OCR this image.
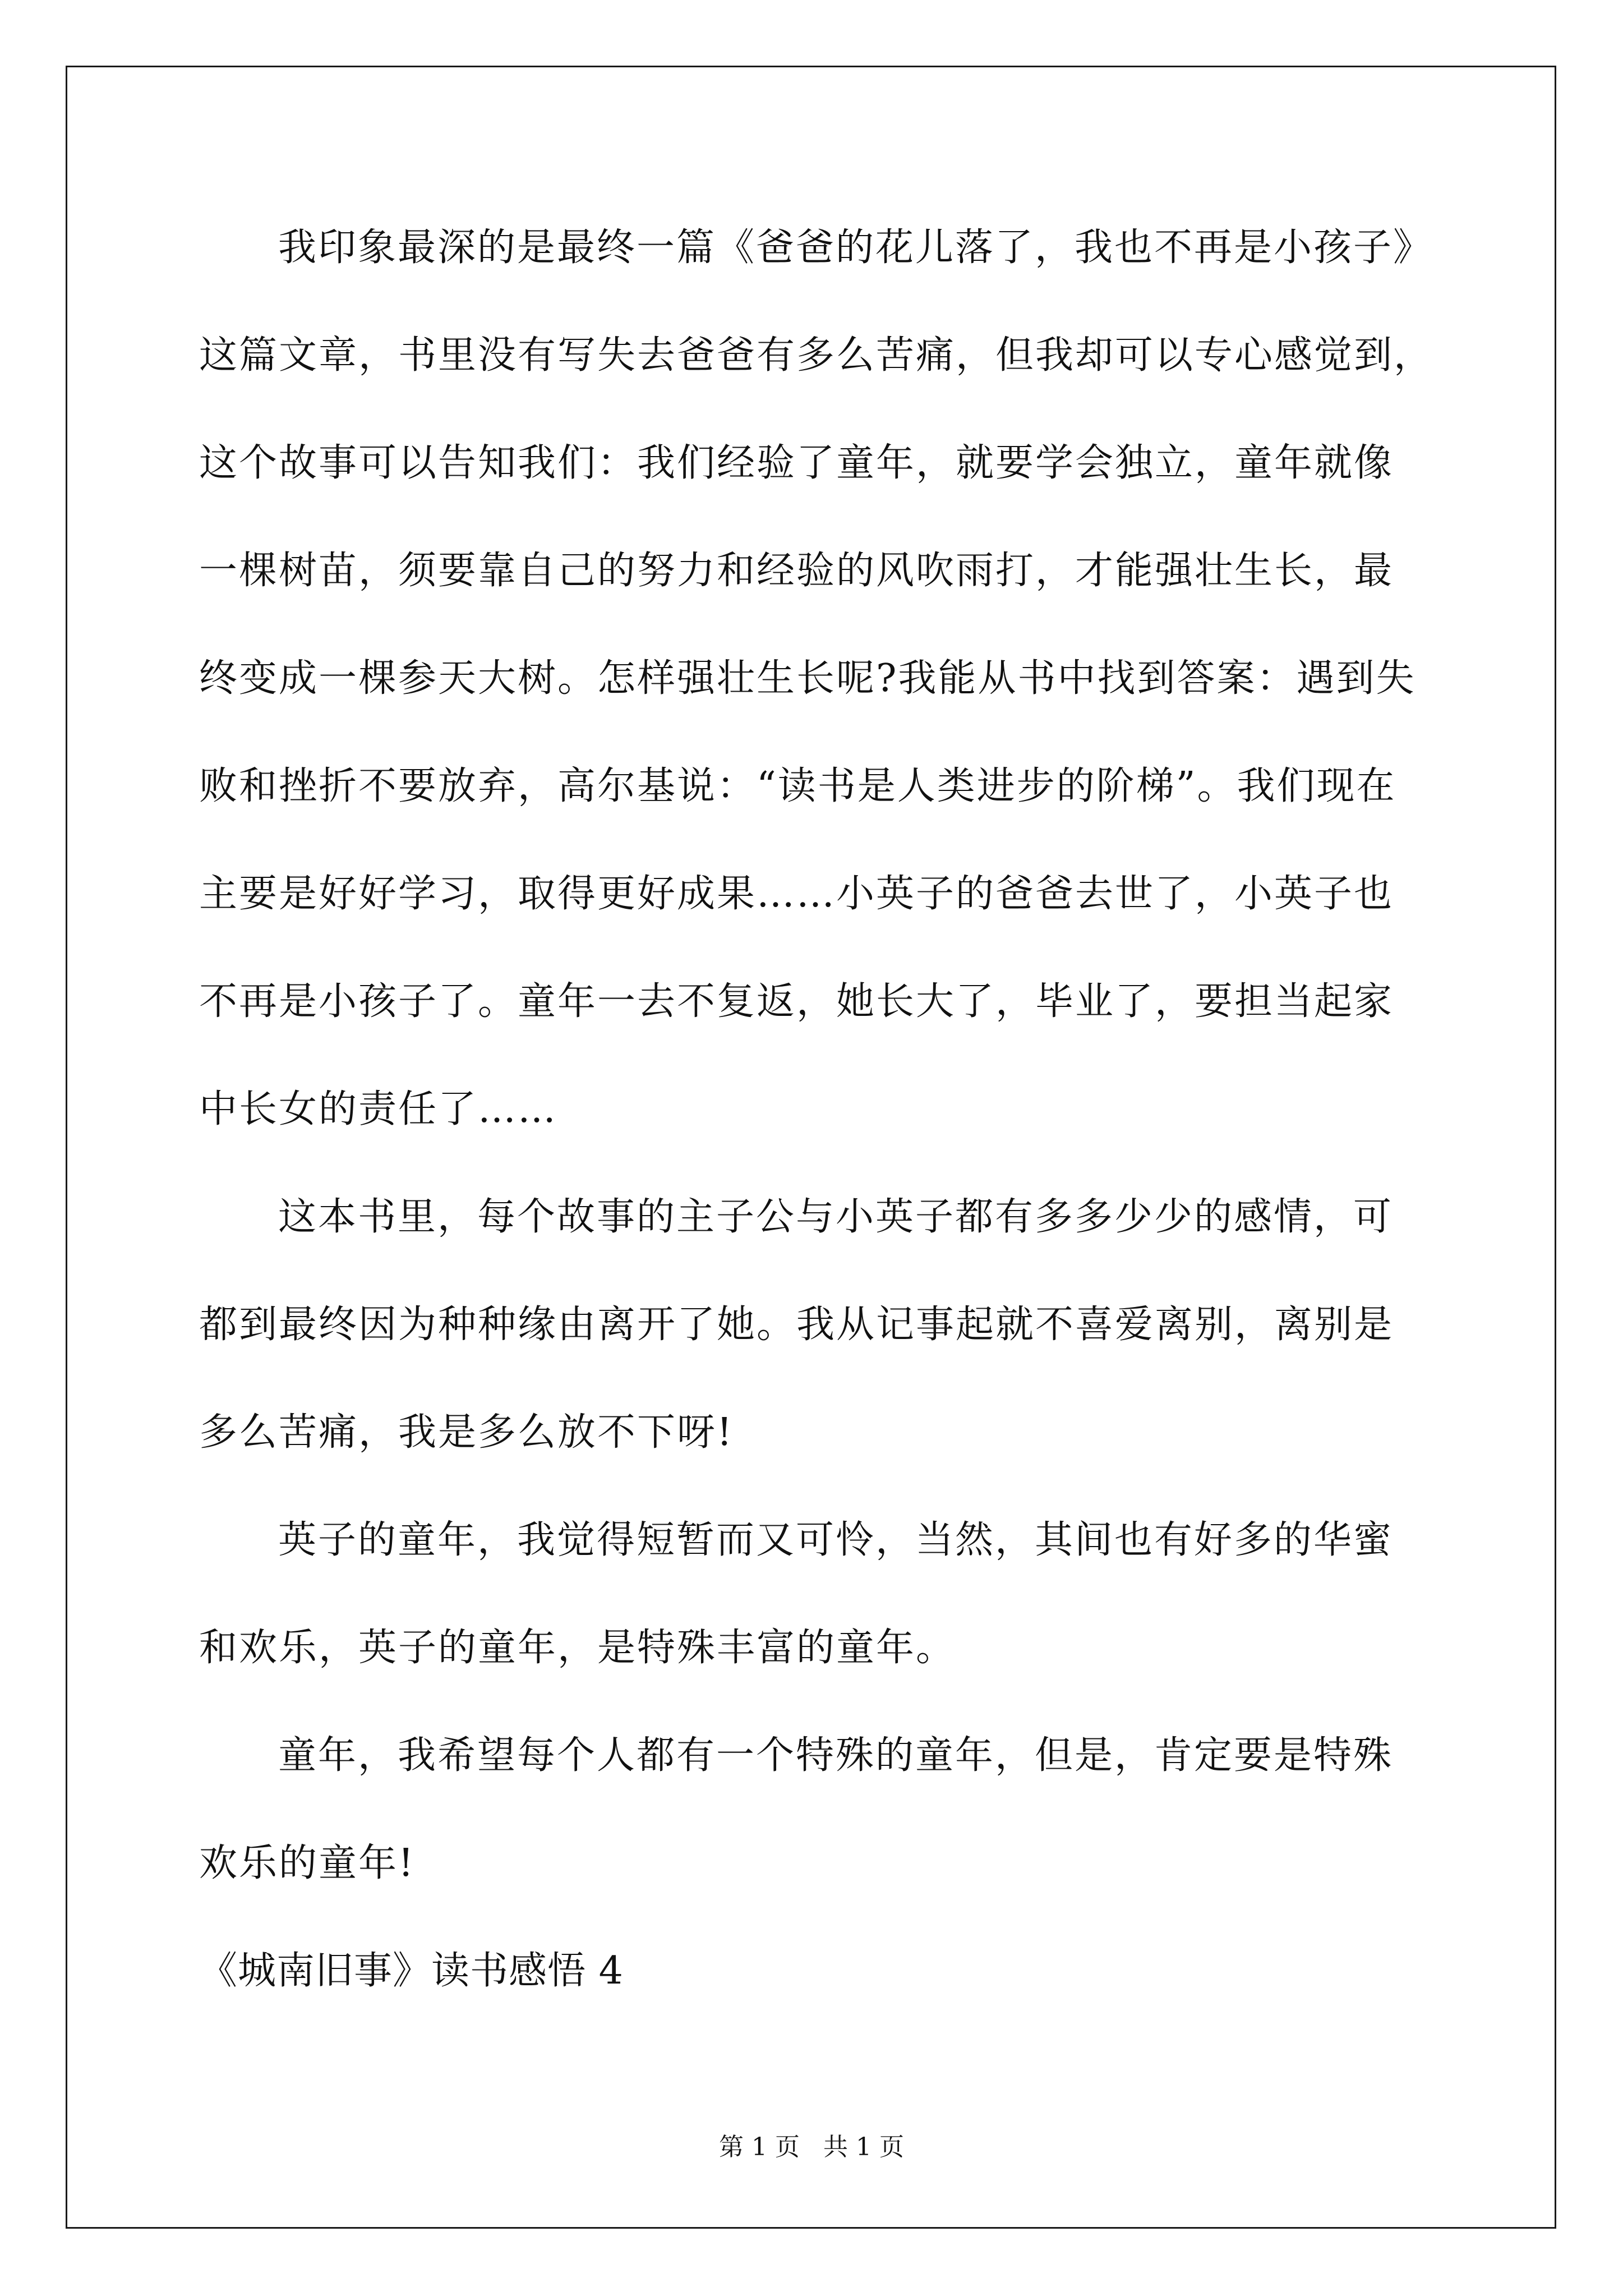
我印象最深的是最终一篇《爸爸的花儿落了，我也不再是小孩子》
这篇文章，书里没有写失去爸爸有多么苦痛，但我却可以专心感觉到，
这个故事可以告知我们：我们经验了童年，就要学会独立，童年就像
一棵树苗，须要靠自己的努力和经验的风吹雨打，才能强壮生长，最
终变成一棵参天大树。怎样强壮生长呢?我能从书中找到答案：遇到失
败和挫折不要放弃，高尔基说：“读书是人类进步的阶梯”。我们现在
主要是好好学习，取得更好成果……小英子的爸爸去世了，小英子也
不再是小孩子了。童年一去不复返，她长大了，毕业了，要担当起家
中长女的责任了……
这本书里，每个故事的主子公与小英子都有多多少少的感情，可
都到最终因为种种缘由离开了她。我从记事起就不喜爱离别，离别是
多么苦痛，我是多么放不下呀!
英子的童年，我觉得短暂而又可怜，当然，其间也有好多的华蜜
和欢乐，英子的童年，是特殊丰富的童年。
童年，我希望每个人都有一个特殊的童年，但是，肯定要是特殊
欢乐的童年!
《城南旧事》读书感悟 4
第 1 页   共 1 页
